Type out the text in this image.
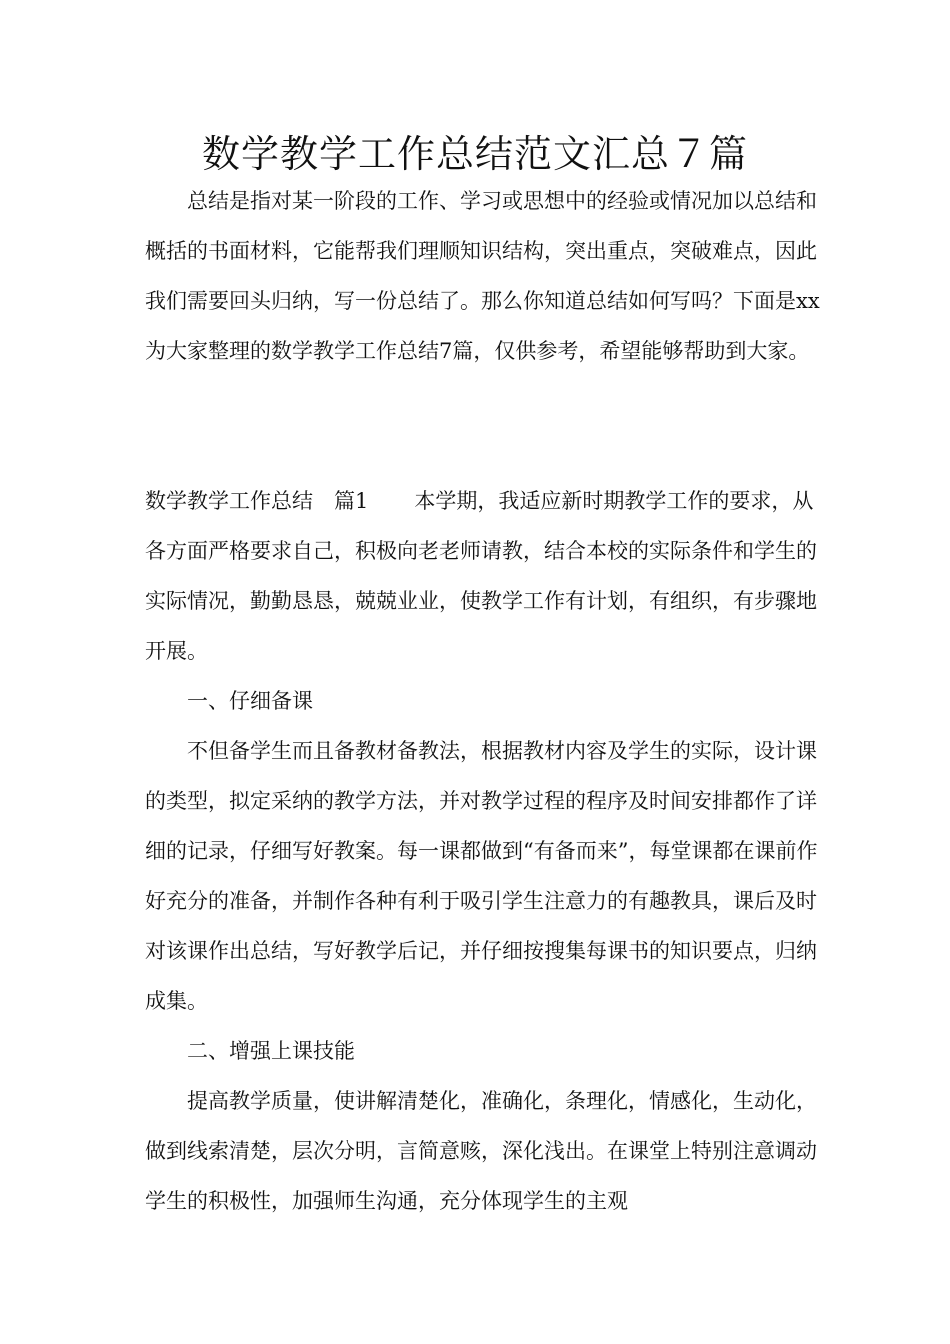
数学教学工作总结范文汇总７篇

总结是指对某一阶段的工作、学习或思想中的经验或情况加以总结和概括的书面材料，它能帮我们理顺知识结构，突出重点，突破难点，因此我们需要回头归纳，写一份总结了。那么你知道总结如何写吗？下面是xx为大家整理的数学教学工作总结7篇，仅供参考，希望能够帮助到大家。

数学教学工作总结　篇1 本学期，我适应新时期教学工作的要求，从各方面严格要求自己，积极向老老师请教，结合本校的实际条件和学生的实际情况，勤勤恳恳，兢兢业业，使教学工作有计划，有组织，有步骤地开展。

一、仔细备课

不但备学生而且备教材备教法，根据教材内容及学生的实际，设计课的类型，拟定采纳的教学方法，并对教学过程的程序及时间安排都作了详细的记录，仔细写好教案。每一课都做到“有备而来”，每堂课都在课前作好充分的准备，并制作各种有利于吸引学生注意力的有趣教具，课后及时对该课作出总结，写好教学后记，并仔细按搜集每课书的知识要点，归纳成集。

二、增强上课技能

提高教学质量，使讲解清楚化，准确化，条理化，情感化，生动化，做到线索清楚，层次分明，言简意赅，深化浅出。在课堂上特别注意调动学生的积极性，加强师生沟通，充分体现学生的主观
